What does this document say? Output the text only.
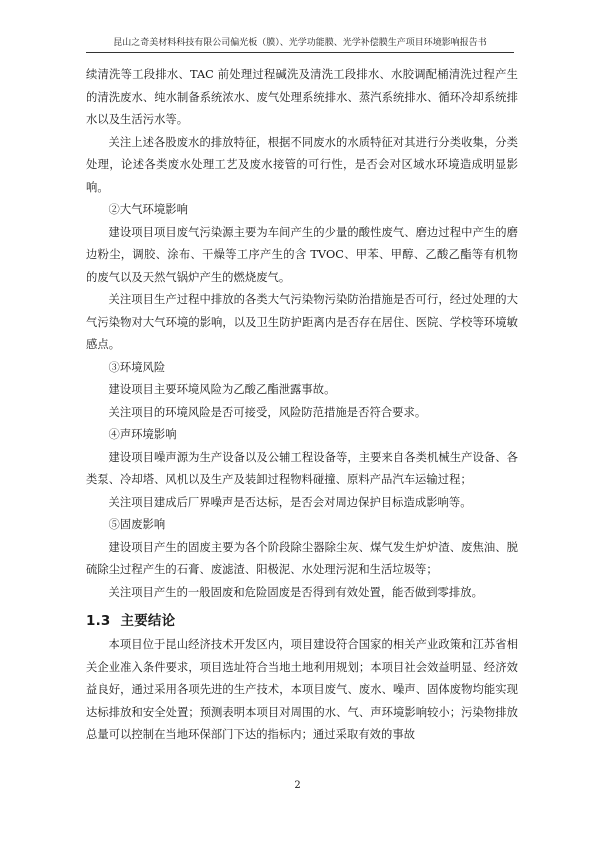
昆山之奇美材料科技有限公司偏光板（膜）、光学功能膜、光学补偿膜生产项目环境影响报告书

续清洗等工段排水、TAC 前处理过程碱洗及清洗工段排水、水胶调配桶清洗过程产生的清洗废水、纯水制备系统浓水、废气处理系统排水、蒸汽系统排水、循环冷却系统排水以及生活污水等。

关注上述各股废水的排放特征，根据不同废水的水质特征对其进行分类收集，分类处理，论述各类废水处理工艺及废水接管的可行性，是否会对区域水环境造成明显影响。

②大气环境影响

建设项目项目废气污染源主要为车间产生的少量的酸性废气、磨边过程中产生的磨边粉尘，调胶、涂布、干燥等工序产生的含 TVOC、甲苯、甲醇、乙酸乙酯等有机物的废气以及天然气锅炉产生的燃烧废气。

关注项目生产过程中排放的各类大气污染物污染防治措施是否可行，经过处理的大气污染物对大气环境的影响，以及卫生防护距离内是否存在居住、医院、学校等环境敏感点。

③环境风险

建设项目主要环境风险为乙酸乙酯泄露事故。

关注项目的环境风险是否可接受，风险防范措施是否符合要求。

④声环境影响

建设项目噪声源为生产设备以及公辅工程设备等，主要来自各类机械生产设备、各类泵、冷却塔、风机以及生产及装卸过程物料碰撞、原料产品汽车运输过程；

关注项目建成后厂界噪声是否达标，是否会对周边保护目标造成影响等。

⑤固废影响

建设项目产生的固废主要为各个阶段除尘器除尘灰、煤气发生炉炉渣、废焦油、脱硫除尘过程产生的石膏、废滤渣、阳极泥、水处理污泥和生活垃圾等；

关注项目产生的一般固废和危险固废是否得到有效处置，能否做到零排放。

1.3 主要结论

本项目位于昆山经济技术开发区内，项目建设符合国家的相关产业政策和江苏省相关企业准入条件要求，项目选址符合当地土地利用规划；本项目社会效益明显、经济效益良好，通过采用各项先进的生产技术，本项目废气、废水、噪声、固体废物均能实现达标排放和安全处置；预测表明本项目对周围的水、气、声环境影响较小；污染物排放总量可以控制在当地环保部门下达的指标内；通过采取有效的事故

2
